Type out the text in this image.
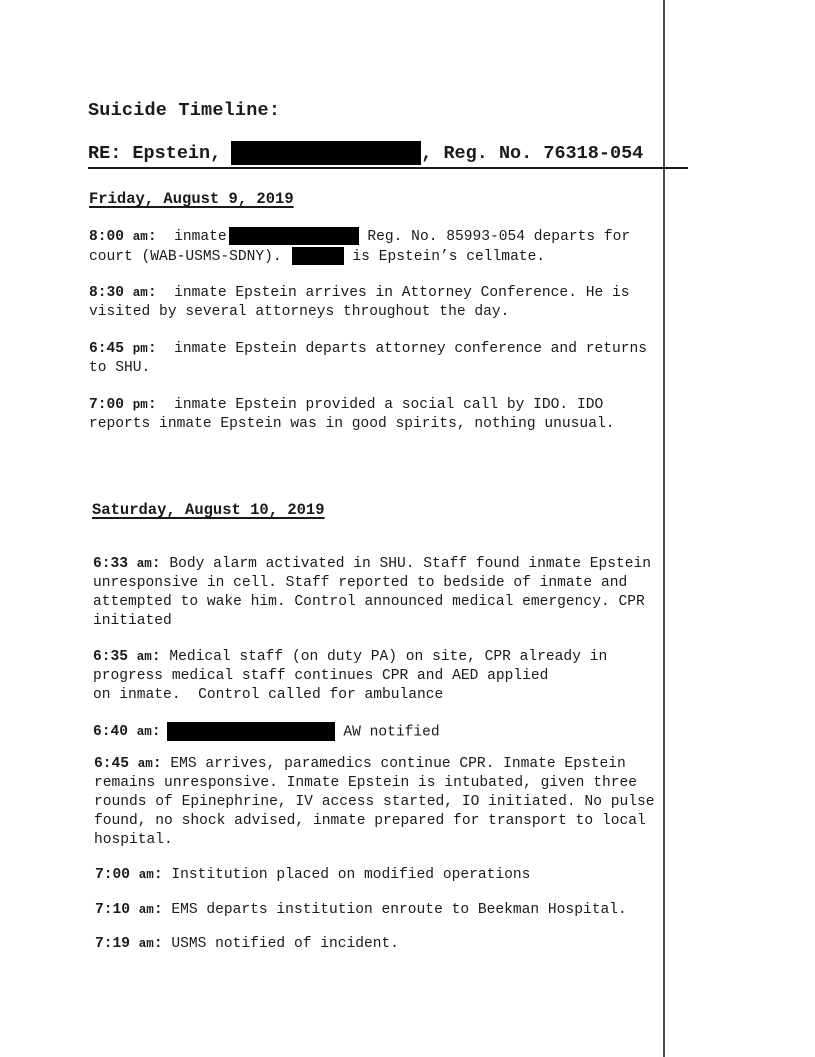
Suicide Timeline:
RE: Epstein,	, Reg. No. 76318-054
Friday, August 9, 2019
8:00 am:  inmate	Reg. No. 85993-054 departs for
court (WAB-USMS-SDNY).	is Epstein’s cellmate.
8:30 am:  inmate Epstein arrives in Attorney Conference. He is
visited by several attorneys throughout the day.
6:45 pm:  inmate Epstein departs attorney conference and returns
to SHU.
7:00 pm:  inmate Epstein provided a social call by IDO. IDO
reports inmate Epstein was in good spirits, nothing unusual.
Saturday, August 10, 2019
6:33 am: Body alarm activated in SHU. Staff found inmate Epstein
unresponsive in cell. Staff reported to bedside of inmate and
attempted to wake him. Control announced medical emergency. CPR
initiated
6:35 am: Medical staff (on duty PA) on site, CPR already in
progress medical staff continues CPR and AED applied
on inmate.  Control called for ambulance
6:40 am:	AW notified
6:45 am: EMS arrives, paramedics continue CPR. Inmate Epstein
remains unresponsive. Inmate Epstein is intubated, given three
rounds of Epinephrine, IV access started, IO initiated. No pulse
found, no shock advised, inmate prepared for transport to local
hospital.
7:00 am: Institution placed on modified operations
7:10 am: EMS departs institution enroute to Beekman Hospital.
7:19 am: USMS notified of incident.
